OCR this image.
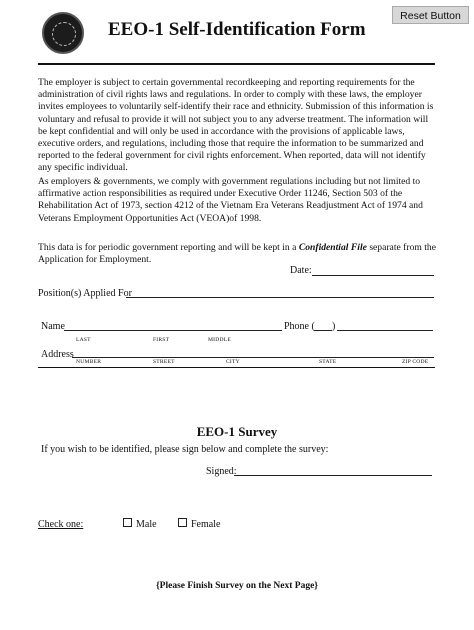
EEO-1 Self-Identification Form
Reset Button
The employer is subject to certain governmental recordkeeping and reporting requirements for the administration of civil rights laws and regulations. In order to comply with these laws, the employer invites employees to voluntarily self-identify their race and ethnicity. Submission of this information is voluntary and refusal to provide it will not subject you to any adverse treatment. The information will be kept confidential and will only be used in accordance with the provisions of applicable laws, executive orders, and regulations, including those that require the information to be summarized and reported to the federal government for civil rights enforcement. When reported, data will not identify any specific individual.
As employers & governments, we comply with government regulations including but not limited to affirmative action responsibilities as required under Executive Order 11246, Section 503 of the Rehabilitation Act of 1973, section 4212 of the Vietnam Era Veterans Readjustment Act of 1974 and Veterans Employment Opportunities Act (VEOA)of 1998.
This data is for periodic government reporting and will be kept in a Confidential File separate from the Application for Employment.
Date:
Position(s) Applied For
Name	Phone ( )
LAST	FIRST	MIDDLE
Address
NUMBER	STREET	CITY	STATE	ZIP CODE
EEO-1 Survey
If you wish to be identified, please sign below and complete the survey:
Signed:
Check one:	Male	Female
{Please Finish Survey on the Next Page}
